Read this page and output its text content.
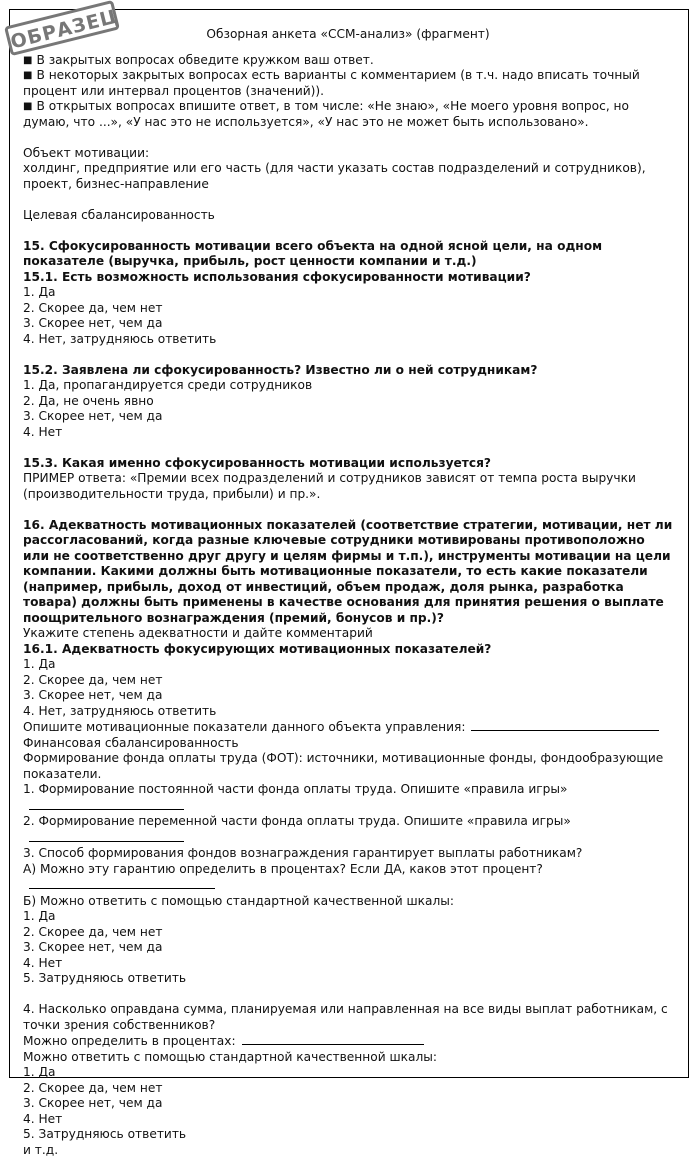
ОБРАЗЕЦ	Обзорная анкета «ССМ-анализ» (фрагмент)

■ В закрытых вопросах обведите кружком ваш ответ.

■ В некоторых закрытых вопросах есть варианты с комментарием (в т.ч. надо вписать точный процент или интервал процентов (значений)).

■ В открытых вопросах впишите ответ, в том числе: «Не знаю», «Не моего уровня вопрос, но думаю, что ...», «У нас это не используется», «У нас это не может быть использовано».

Объект мотивации:

холдинг, предприятие или его часть (для части указать состав подразделений и сотрудников), проект, бизнес-направление

Целевая сбалансированность

15. Сфокусированность мотивации всего объекта на одной ясной цели, на одном показателе (выручка, прибыль, рост ценности компании и т.д.)

15.1. Есть возможность использования сфокусированности мотивации?

1. Да

2. Скорее да, чем нет

3. Скорее нет, чем да

4. Нет, затрудняюсь ответить

15.2. Заявлена ли сфокусированность? Известно ли о ней сотрудникам?

1. Да, пропагандируется среди сотрудников

2. Да, не очень явно

3. Скорее нет, чем да

4. Нет

15.3. Какая именно сфокусированность мотивации используется?

ПРИМЕР ответа: «Премии всех подразделений и сотрудников зависят от темпа роста выручки (производительности труда, прибыли) и пр.».

16. Адекватность мотивационных показателей (соответствие стратегии, мотивации, нет ли рассогласований, когда разные ключевые сотрудники мотивированы противоположно или не соответственно друг другу и целям фирмы и т.п.), инструменты мотивации на цели компании. Какими должны быть мотивационные показатели, то есть какие показатели (например, прибыль, доход от инвестиций, объем продаж, доля рынка, разработка товара) должны быть применены в качестве основания для принятия решения о выплате поощрительного вознаграждения (премий, бонусов и пр.)?

Укажите степень адекватности и дайте комментарий

16.1. Адекватность фокусирующих мотивационных показателей?

1. Да

2. Скорее да, чем нет

3. Скорее нет, чем да

4. Нет, затрудняюсь ответить

Опишите мотивационные показатели данного объекта управления:

Финансовая сбалансированность

Формирование фонда оплаты труда (ФОТ): источники, мотивационные фонды, фондообразующие показатели.

1. Формирование постоянной части фонда оплаты труда. Опишите «правила игры»

2. Формирование переменной части фонда оплаты труда. Опишите «правила игры»

3. Способ формирования фондов вознаграждения гарантирует выплаты работникам?

А) Можно эту гарантию определить в процентах? Если ДА, каков этот процент?

Б) Можно ответить с помощью стандартной качественной шкалы:

1. Да

2. Скорее да, чем нет

3. Скорее нет, чем да

4. Нет

5. Затрудняюсь ответить

4. Насколько оправдана сумма, планируемая или направленная на все виды выплат работникам, с точки зрения собственников?

Можно определить в процентах:

Можно ответить с помощью стандартной качественной шкалы:

1. Да

2. Скорее да, чем нет

3. Скорее нет, чем да

4. Нет

5. Затрудняюсь ответить

и т.д.
